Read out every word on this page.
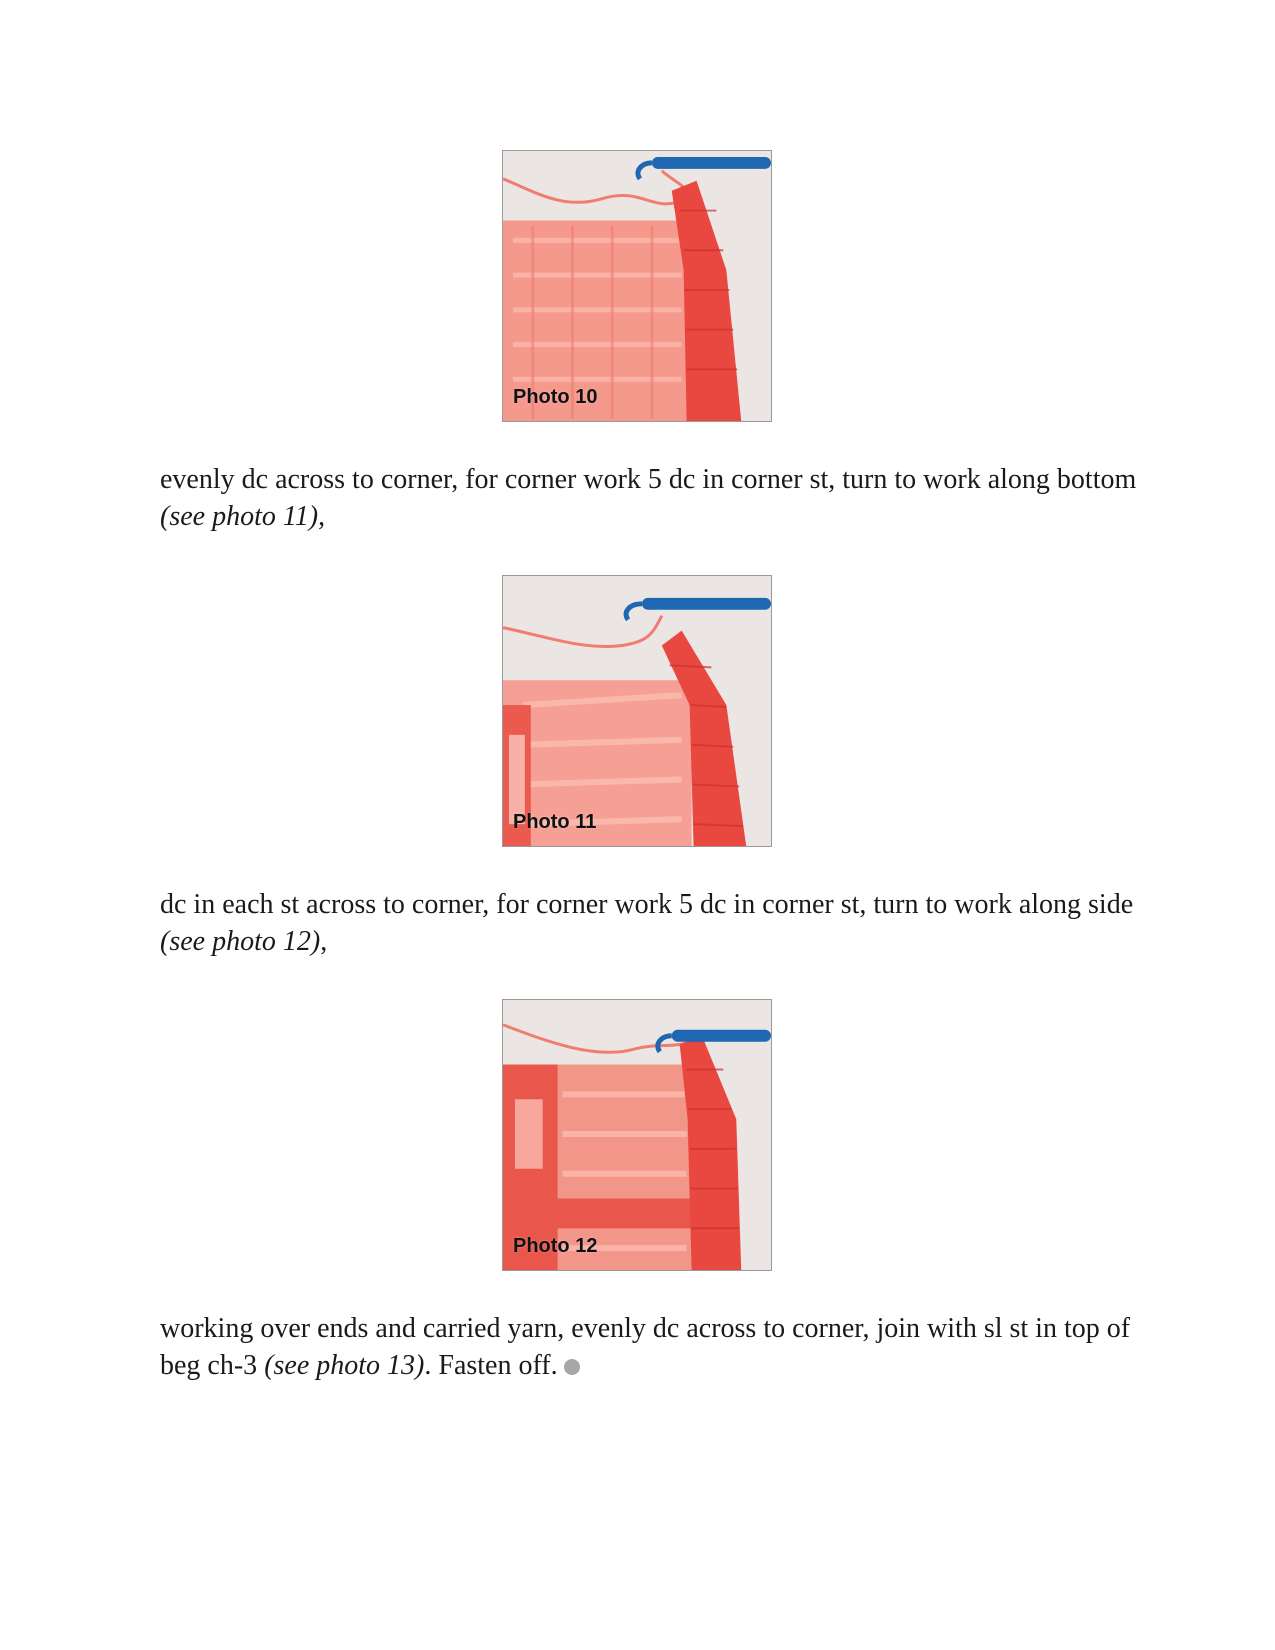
Photo 10

evenly dc across to corner, for corner work 5 dc in corner st, turn to work along bottom (see photo 11),

Photo 11

dc in each st across to corner, for corner work 5 dc in corner st, turn to work along side (see photo 12),

Photo 12

working over ends and carried yarn, evenly dc across to corner, join with sl st in top of beg ch-3 (see photo 13). Fasten off.
